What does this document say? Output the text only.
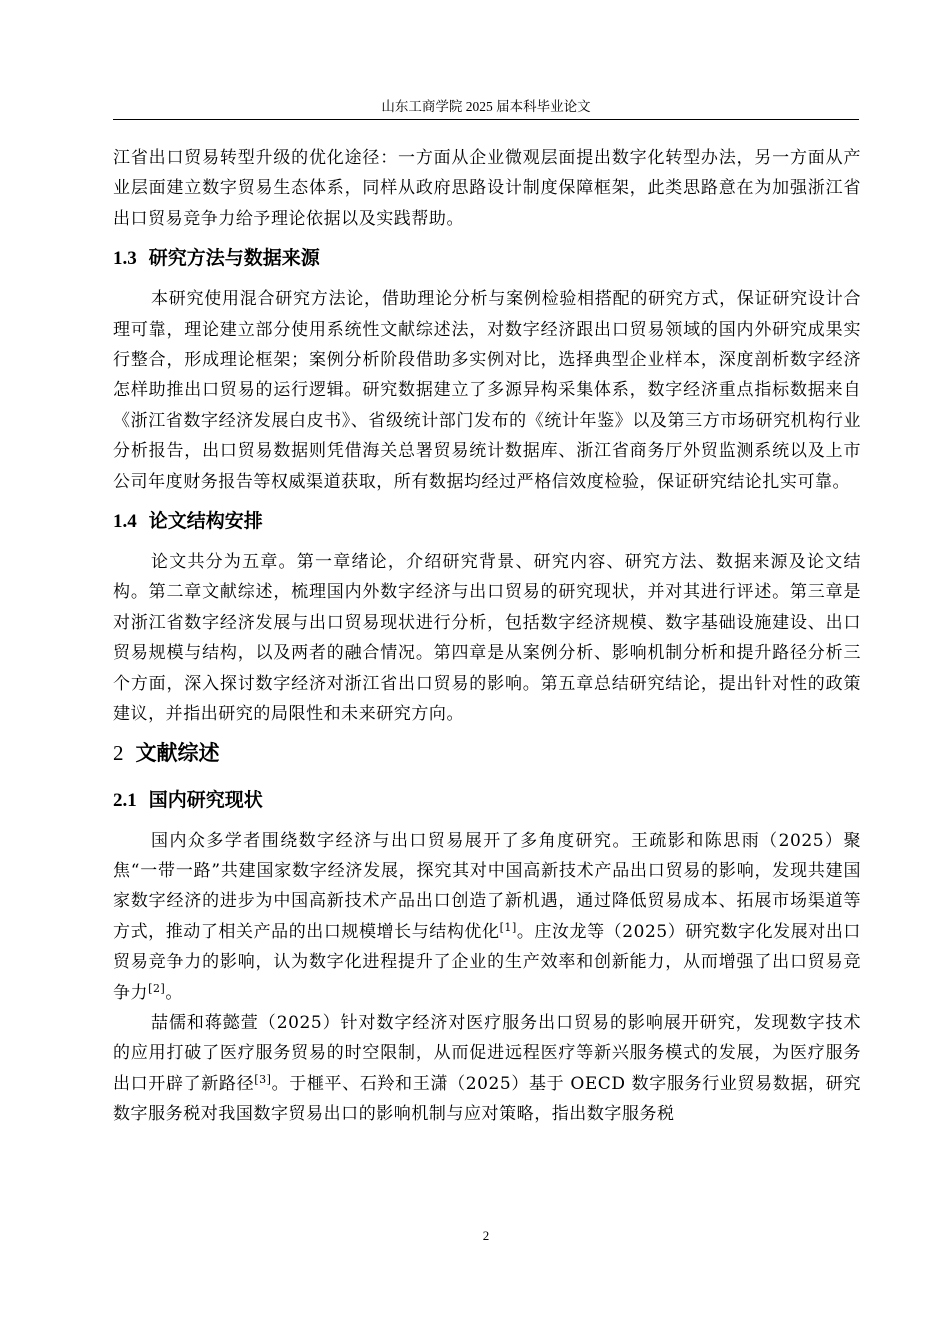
山东工商学院 2025 届本科毕业论文

江省出口贸易转型升级的优化途径：一方面从企业微观层面提出数字化转型办法，另一方面从产业层面建立数字贸易生态体系，同样从政府思路设计制度保障框架，此类思路意在为加强浙江省出口贸易竞争力给予理论依据以及实践帮助。

1.3 研究方法与数据来源

本研究使用混合研究方法论，借助理论分析与案例检验相搭配的研究方式，保证研究设计合理可靠，理论建立部分使用系统性文献综述法，对数字经济跟出口贸易领域的国内外研究成果实行整合，形成理论框架；案例分析阶段借助多实例对比，选择典型企业样本，深度剖析数字经济怎样助推出口贸易的运行逻辑。研究数据建立了多源异构采集体系，数字经济重点指标数据来自《浙江省数字经济发展白皮书》、省级统计部门发布的《统计年鉴》以及第三方市场研究机构行业分析报告，出口贸易数据则凭借海关总署贸易统计数据库、浙江省商务厅外贸监测系统以及上市公司年度财务报告等权威渠道获取，所有数据均经过严格信效度检验，保证研究结论扎实可靠。

1.4 论文结构安排

论文共分为五章。第一章绪论，介绍研究背景、研究内容、研究方法、数据来源及论文结构。第二章文献综述，梳理国内外数字经济与出口贸易的研究现状，并对其进行评述。第三章是对浙江省数字经济发展与出口贸易现状进行分析，包括数字经济规模、数字基础设施建设、出口贸易规模与结构，以及两者的融合情况。第四章是从案例分析、影响机制分析和提升路径分析三个方面，深入探讨数字经济对浙江省出口贸易的影响。第五章总结研究结论，提出针对性的政策建议，并指出研究的局限性和未来研究方向。

2 文献综述
2.1 国内研究现状

国内众多学者围绕数字经济与出口贸易展开了多角度研究。王疏影和陈思雨（2025）聚焦“一带一路”共建国家数字经济发展，探究其对中国高新技术产品出口贸易的影响，发现共建国家数字经济的进步为中国高新技术产品出口创造了新机遇，通过降低贸易成本、拓展市场渠道等方式，推动了相关产品的出口规模增长与结构优化[1]。庄汝龙等（2025）研究数字化发展对出口贸易竞争力的影响，认为数字化进程提升了企业的生产效率和创新能力，从而增强了出口贸易竞争力[2]。

喆儒和蒋懿萱（2025）针对数字经济对医疗服务出口贸易的影响展开研究，发现数字技术的应用打破了医疗服务贸易的时空限制，从而促进远程医疗等新兴服务模式的发展，为医疗服务出口开辟了新路径[3]。于榧平、石羚和王潇（2025）基于 OECD 数字服务行业贸易数据，研究数字服务税对我国数字贸易出口的影响机制与应对策略，指出数字服务税

2
